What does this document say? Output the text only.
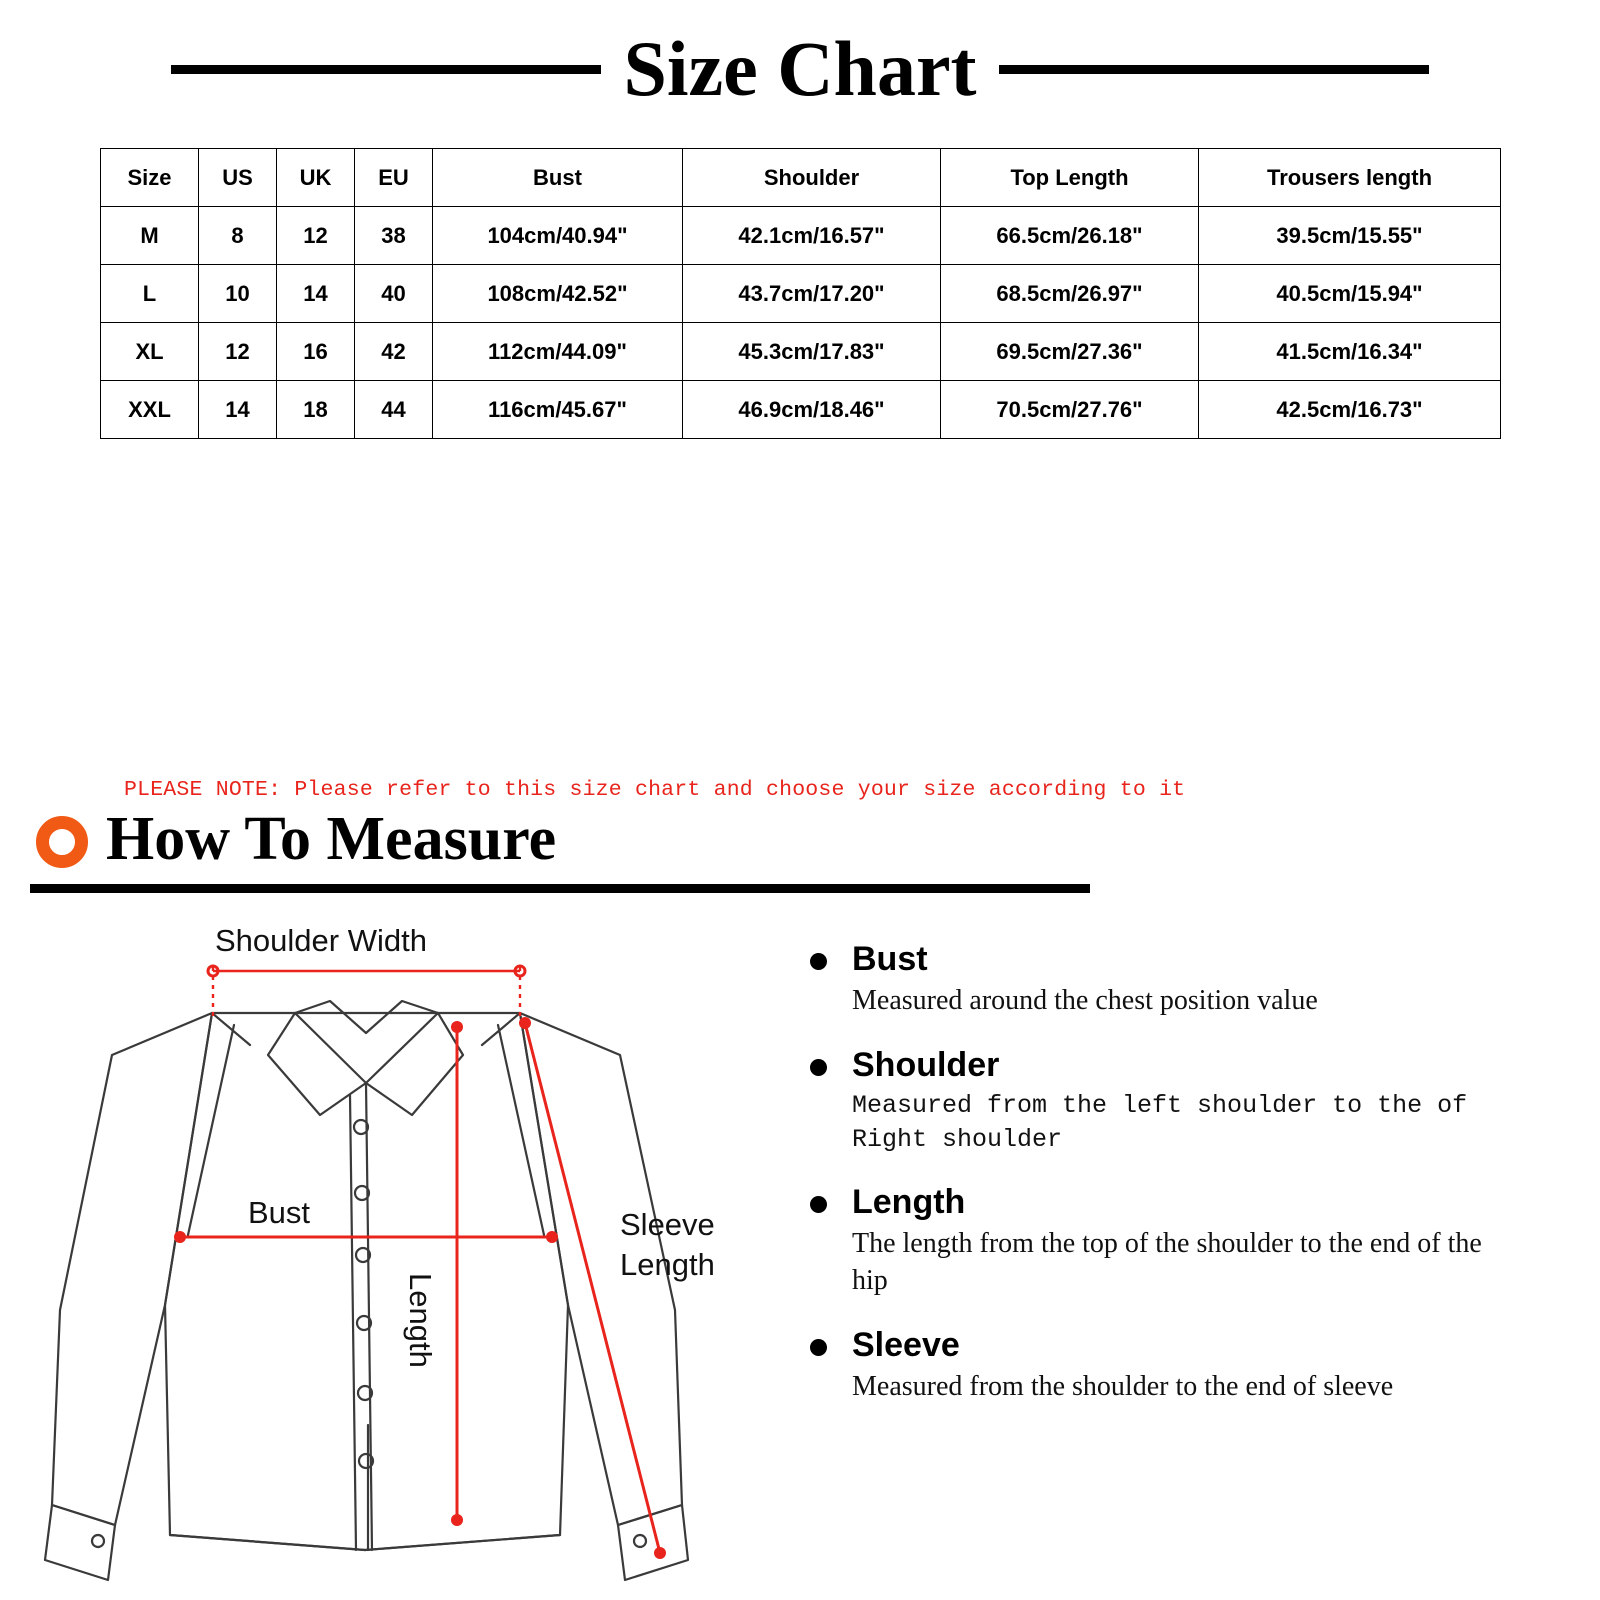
Size Chart
Size	US	UK	EU	Bust	Shoulder	Top Length	Trousers length
M	8	12	38	104cm/40.94"	42.1cm/16.57"	66.5cm/26.18"	39.5cm/15.55"
L	10	14	40	108cm/42.52"	43.7cm/17.20"	68.5cm/26.97"	40.5cm/15.94"
XL	12	16	42	112cm/44.09"	45.3cm/17.83"	69.5cm/27.36"	41.5cm/16.34"
XXL	14	18	44	116cm/45.67"	46.9cm/18.46"	70.5cm/27.76"	42.5cm/16.73"
PLEASE NOTE: Please refer to this size chart and choose your size according to it
How To Measure
Shoulder Width
Bust
Length
Sleeve
Length
Bust
Measured around the chest position value
Shoulder
Measured from the left shoulder to the of Right shoulder
Length
The length from the top of the shoulder to the end of the hip
Sleeve
Measured from the shoulder to the end of sleeve
